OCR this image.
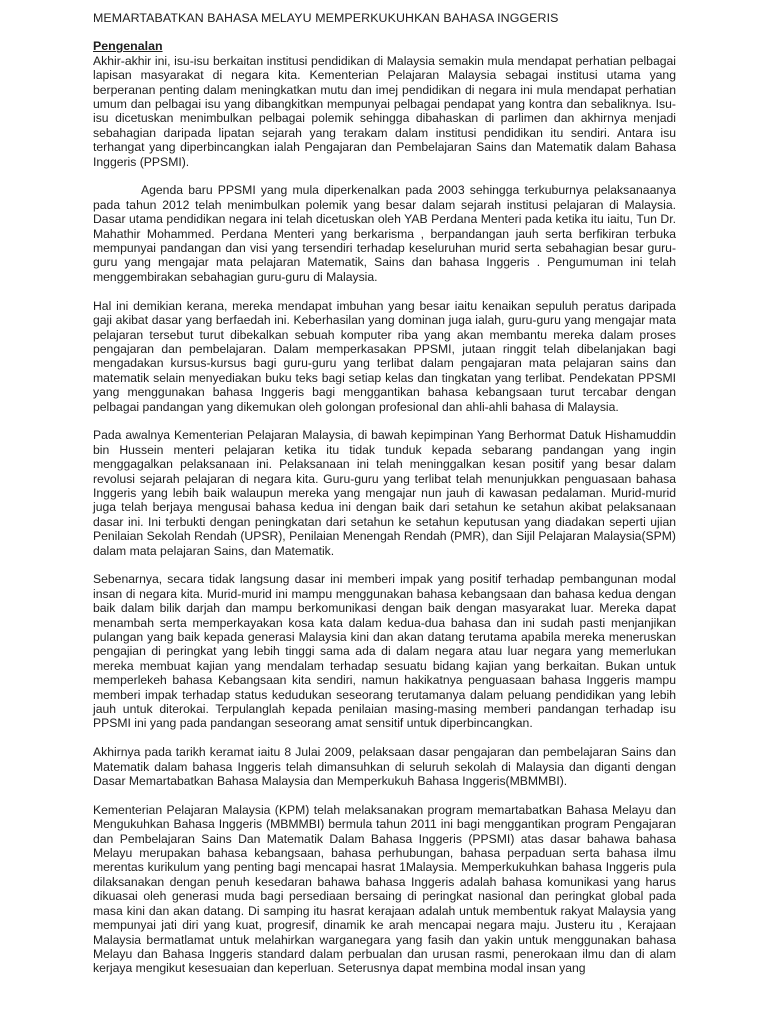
MEMARTABATKAN BAHASA MELAYU MEMPERKUKUHKAN BAHASA INGGERIS
Pengenalan

Akhir-akhir ini, isu-isu berkaitan institusi pendidikan di Malaysia semakin mula mendapat perhatian pelbagai lapisan masyarakat di negara kita. Kementerian Pelajaran Malaysia sebagai institusi utama yang berperanan penting dalam meningkatkan mutu dan imej pendidikan di negara ini mula mendapat perhatian umum dan pelbagai isu yang dibangkitkan mempunyai pelbagai pendapat yang kontra dan sebaliknya. Isu-isu dicetuskan menimbulkan pelbagai polemik sehingga dibahaskan di parlimen dan akhirnya menjadi sebahagian daripada lipatan sejarah yang terakam dalam institusi pendidikan itu sendiri. Antara isu terhangat yang diperbincangkan ialah Pengajaran dan Pembelajaran Sains dan Matematik dalam Bahasa Inggeris (PPSMI).

Agenda baru PPSMI yang mula diperkenalkan pada 2003 sehingga terkuburnya pelaksanaanya pada tahun 2012 telah menimbulkan polemik yang besar dalam sejarah institusi pelajaran di Malaysia. Dasar utama pendidikan negara ini telah dicetuskan oleh YAB Perdana Menteri pada ketika itu iaitu, Tun Dr. Mahathir Mohammed. Perdana Menteri yang berkarisma , berpandangan jauh serta berfikiran terbuka mempunyai pandangan dan visi yang tersendiri terhadap keseluruhan murid serta sebahagian besar guru-guru yang mengajar mata pelajaran Matematik, Sains dan bahasa Inggeris . Pengumuman ini telah menggembirakan sebahagian guru-guru di Malaysia.

Hal ini demikian kerana, mereka mendapat imbuhan yang besar iaitu kenaikan sepuluh peratus daripada gaji akibat dasar yang berfaedah ini. Keberhasilan yang dominan juga ialah, guru-guru yang mengajar mata pelajaran tersebut turut dibekalkan sebuah komputer riba yang akan membantu mereka dalam proses pengajaran dan pembelajaran. Dalam memperkasakan PPSMI, jutaan ringgit telah dibelanjakan bagi mengadakan kursus-kursus bagi guru-guru yang terlibat dalam pengajaran mata pelajaran sains dan matematik selain menyediakan buku teks bagi setiap kelas dan tingkatan yang terlibat. Pendekatan PPSMI yang menggunakan bahasa Inggeris bagi menggantikan bahasa kebangsaan turut tercabar dengan pelbagai pandangan yang dikemukan oleh golongan profesional dan ahli-ahli bahasa di Malaysia.

Pada awalnya Kementerian Pelajaran Malaysia, di bawah kepimpinan Yang Berhormat Datuk Hishamuddin bin Hussein menteri pelajaran ketika itu tidak tunduk kepada sebarang pandangan yang ingin menggagalkan pelaksanaan ini. Pelaksanaan ini telah meninggalkan kesan positif yang besar dalam revolusi sejarah pelajaran di negara kita. Guru-guru yang terlibat telah menunjukkan penguasaan bahasa Inggeris yang lebih baik walaupun mereka yang mengajar nun jauh di kawasan pedalaman. Murid-murid juga telah berjaya mengusai bahasa kedua ini dengan baik dari setahun ke setahun akibat pelaksanaan dasar ini. Ini terbukti dengan peningkatan dari setahun ke setahun keputusan yang diadakan seperti ujian Penilaian Sekolah Rendah (UPSR), Penilaian Menengah Rendah (PMR), dan Sijil Pelajaran Malaysia(SPM) dalam mata pelajaran Sains, dan Matematik.

Sebenarnya, secara tidak langsung dasar ini memberi impak yang positif terhadap pembangunan modal insan di negara kita. Murid-murid ini mampu menggunakan bahasa kebangsaan dan bahasa kedua dengan baik dalam bilik darjah dan mampu berkomunikasi dengan baik dengan masyarakat luar. Mereka dapat menambah serta memperkayakan kosa kata dalam kedua-dua bahasa dan ini sudah pasti menjanjikan pulangan yang baik kepada generasi Malaysia kini dan akan datang terutama apabila mereka meneruskan pengajian di peringkat yang lebih tinggi sama ada di dalam negara atau luar negara yang memerlukan mereka membuat kajian yang mendalam terhadap sesuatu bidang kajian yang berkaitan. Bukan untuk memperlekeh bahasa Kebangsaan kita sendiri, namun hakikatnya penguasaan bahasa Inggeris mampu memberi impak terhadap status kedudukan seseorang terutamanya dalam peluang pendidikan yang lebih jauh untuk diterokai. Terpulanglah kepada penilaian masing-masing memberi pandangan terhadap isu PPSMI ini yang pada pandangan seseorang amat sensitif untuk diperbincangkan.

Akhirnya pada tarikh keramat iaitu 8 Julai 2009, pelaksaan dasar pengajaran dan pembelajaran Sains dan Matematik dalam bahasa Inggeris telah dimansuhkan di seluruh sekolah di Malaysia dan diganti dengan Dasar Memartabatkan Bahasa Malaysia dan Memperkukuh Bahasa Inggeris(MBMMBI).

Kementerian Pelajaran Malaysia (KPM) telah melaksanakan program memartabatkan Bahasa Melayu dan Mengukuhkan Bahasa Inggeris (MBMMBI) bermula tahun 2011 ini bagi menggantikan program Pengajaran dan Pembelajaran Sains Dan Matematik Dalam Bahasa Inggeris (PPSMI) atas dasar bahawa bahasa Melayu merupakan bahasa kebangsaan, bahasa perhubungan, bahasa perpaduan serta bahasa ilmu merentas kurikulum yang penting bagi mencapai hasrat 1Malaysia. Memperkukuhkan bahasa Inggeris pula dilaksanakan dengan penuh kesedaran bahawa bahasa Inggeris adalah bahasa komunikasi yang harus dikuasai oleh generasi muda bagi persediaan bersaing di peringkat nasional dan peringkat global pada masa kini dan akan datang. Di samping itu hasrat kerajaan adalah untuk membentuk rakyat Malaysia yang mempunyai jati diri yang kuat, progresif, dinamik ke arah mencapai negara maju. Justeru itu , Kerajaan Malaysia bermatlamat untuk melahirkan warganegara yang fasih dan yakin untuk menggunakan bahasa Melayu dan Bahasa Inggeris standard dalam perbualan dan urusan rasmi, penerokaan ilmu dan di alam kerjaya mengikut kesesuaian dan keperluan. Seterusnya dapat membina modal insan yang
